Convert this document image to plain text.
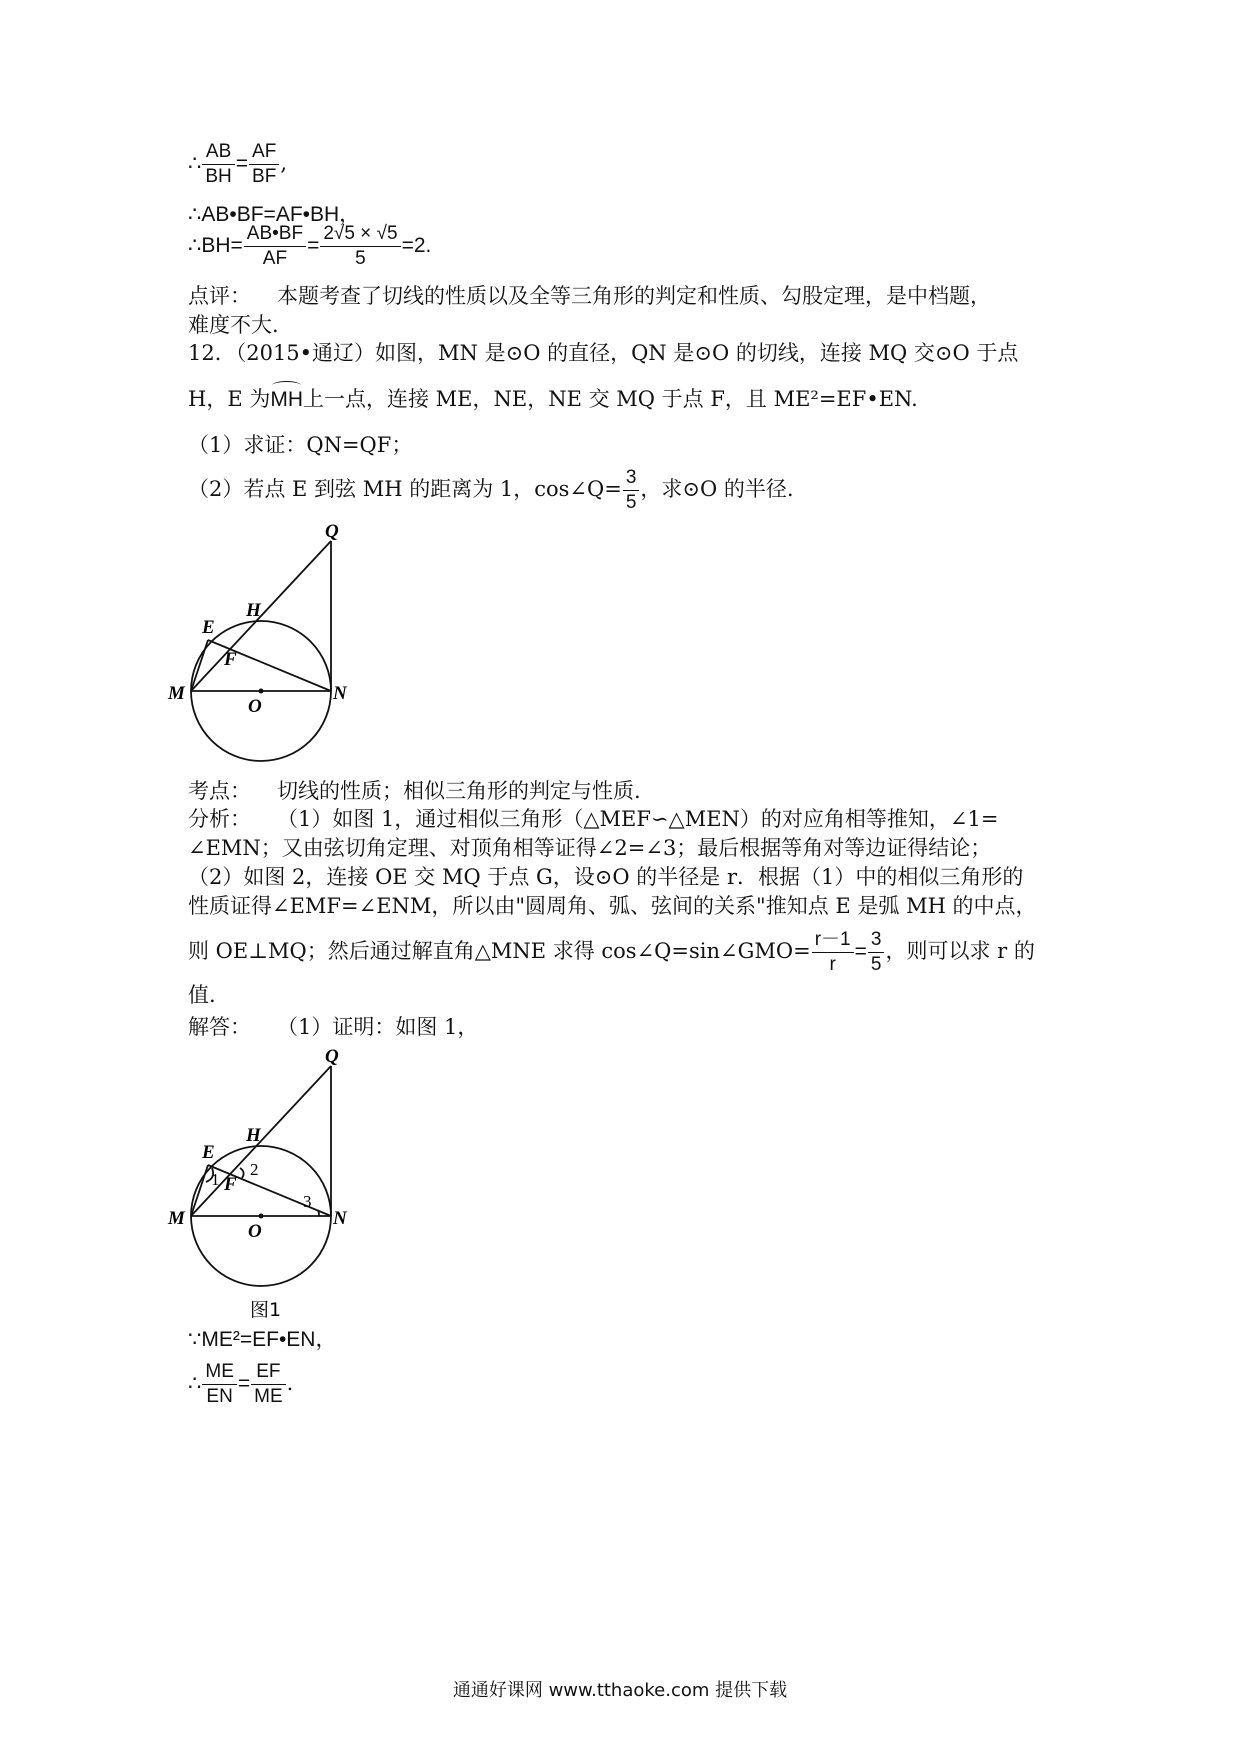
∴ $\frac{AB}{BH} = \frac{AF}{BF}$ ,
∴AB•BF=AF•BH，
∴BH= $\frac{AB•BF}{AF} = \frac{2√5 \times √5}{5} =2$.
点评： 本题考查了切线的性质以及全等三角形的判定和性质、勾股定理，是中档题，
难度不大.
12．（2015•通辽）如图，MN 是⊙O 的直径，QN 是⊙O 的切线，连接 MQ 交⊙O 于点
H，E 为MH上一点，连接 ME，NE，NE 交 MQ 于点 F，且 ME²=EF•EN.
（1）求证：QN=QF；
（2）若点 E 到弦 MH 的距离为 1，cos∠Q= $\frac{3}{5}$ ，求⊙O 的半径.
Q
H
E
F
M
O
N
考点： 切线的性质；相似三角形的判定与性质.
分析： （1）如图 1，通过相似三角形（△MEF∽△MEN）的对应角相等推知，∠1=
∠EMN；又由弦切角定理、对顶角相等证得∠2=∠3；最后根据等角对等边证得结论；
（2）如图 2，连接 OE 交 MQ 于点 G，设⊙O 的半径是 r．根据（1）中的相似三角形的
性质证得∠EMF=∠ENM，所以由"圆周角、弧、弦间的关系"推知点 E 是弧 MH 的中点，
则 OE⊥MQ；然后通过解直角△MNE 求得 cos∠Q=sin∠GMO= $\frac{r-1}{r} = \frac{3}{5}$ ，则可以求 r 的
值.
解答： （1）证明：如图 1，
Q
H
E
F
M
O
N
1
2
3
图1
∵ME²=EF•EN，
∴ $\frac{ME}{EN} = \frac{EF}{ME}$ .
通通好课网 www.tthaoke.com 提供下载
